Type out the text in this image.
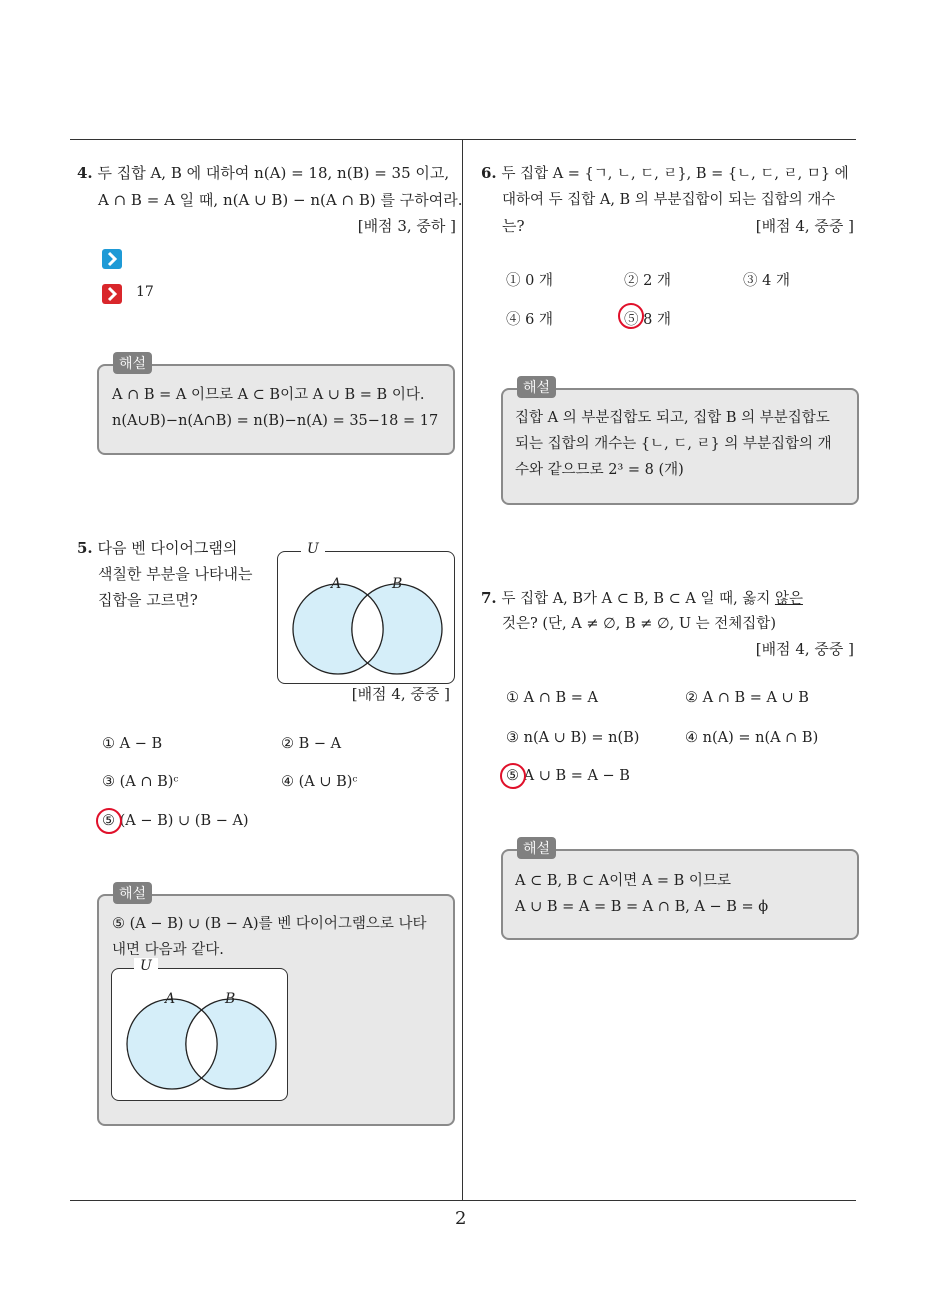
2
4. 두 집합 A, B 에 대하여 n(A) = 18, n(B) = 35 이고,
A ∩ B = A 일 때, n(A ∪ B) − n(A ∩ B) 를 구하여라.
[배점 3, 중하 ]
17
해설
A ∩ B = A 이므로 A ⊂ B이고 A ∪ B = B 이다.
n(A∪B)−n(A∩B) = n(B)−n(A) = 35−18 = 17
5. 다음 벤 다이어그램의
색칠한 부분을 나타내는
집합을 고르면?
U
A	B
[배점 4, 중중 ]
① A − B	② B − A
③ (A ∩ B)ᶜ	④ (A ∪ B)ᶜ
⑤ (A − B) ∪ (B − A)
해설
⑤ (A − B) ∪ (B − A)를 벤 다이어그램으로 나타
내면 다음과 같다.
U
A	B
6. 두 집합 A = {ㄱ, ㄴ, ㄷ, ㄹ}, B = {ㄴ, ㄷ, ㄹ, ㅁ} 에
대하여 두 집합 A, B 의 부분집합이 되는 집합의 개수
는?	[배점 4, 중중 ]
① 0 개	② 2 개	③ 4 개
④ 6 개	⑤ 8 개
해설
집합 A 의 부분집합도 되고, 집합 B 의 부분집합도
되는 집합의 개수는 {ㄴ, ㄷ, ㄹ} 의 부분집합의 개
수와 같으므로 2³ = 8 (개)
7. 두 집합 A, B가 A ⊂ B, B ⊂ A 일 때, 옳지 않은
것은? (단, A ≠ ∅, B ≠ ∅, U 는 전체집합)
[배점 4, 중중 ]
① A ∩ B = A	② A ∩ B = A ∪ B
③ n(A ∪ B) = n(B)	④ n(A) = n(A ∩ B)
⑤ A ∪ B = A − B
해설
A ⊂ B, B ⊂ A이면 A = B 이므로
A ∪ B = A = B = A ∩ B, A − B = ϕ
